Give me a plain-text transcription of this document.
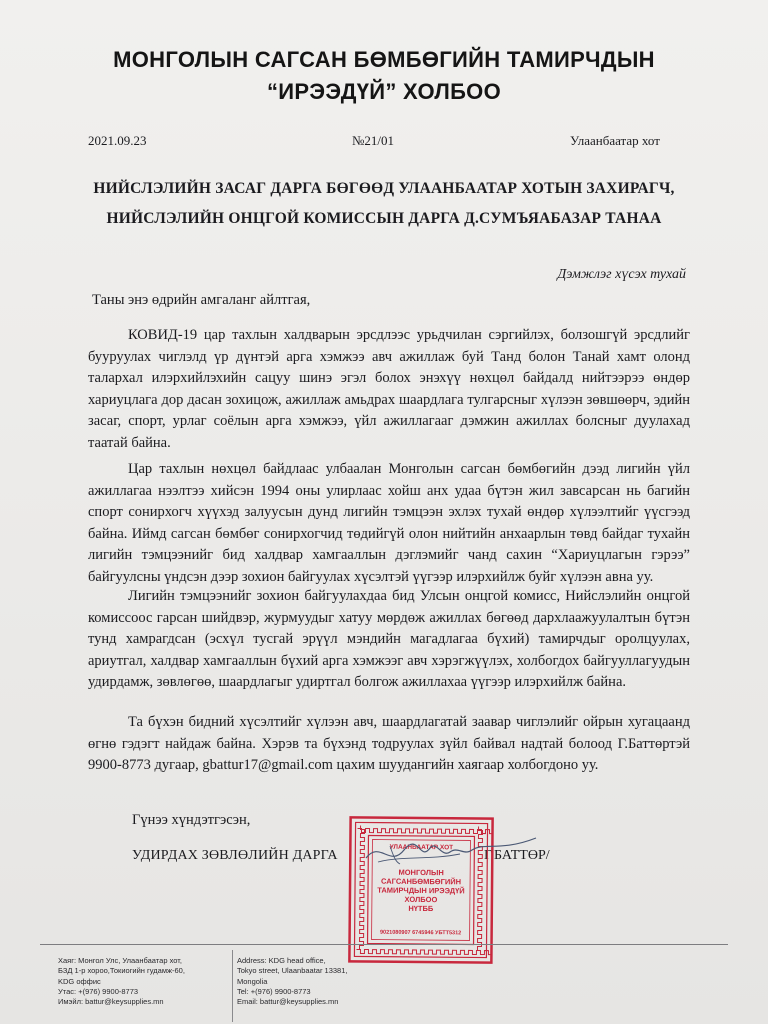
МОНГОЛЫН САГСАН БӨМБӨГИЙН ТАМИРЧДЫН
“ИРЭЭДҮЙ” ХОЛБОО
2021.09.23	№21/01	Улаанбаатар хот
НИЙСЛЭЛИЙН ЗАСАГ ДАРГА БӨГӨӨД УЛААНБААТАР ХОТЫН ЗАХИРАГЧ,
НИЙСЛЭЛИЙН ОНЦГОЙ КОМИССЫН ДАРГА Д.СУМЪЯАБАЗАР ТАНАА
Дэмжлэг хүсэх тухай
Таны энэ өдрийн амгаланг айлтгая,

КОВИД-19 цар тахлын халдварын эрсдлээс урьдчилан сэргийлэх, болзошгүй эрсдлийг бууруулах чиглэлд үр дүнтэй арга хэмжээ авч ажиллаж буй Танд болон Танай хамт олонд талархал илэрхийлэхийн сацуу шинэ эгэл болох энэхүү нөхцөл байдалд нийтээрээ өндөр хариуцлага дор дасан зохицож, ажиллаж амьдрах шаардлага тулгарсныг хүлээн зөвшөөрч, эдийн засаг, спорт, урлаг соёлын арга хэмжээ, үйл ажиллагааг дэмжин ажиллах болсныг дуулахад таатай байна.

Цар тахлын нөхцөл байдлаас улбаалан Монголын сагсан бөмбөгийн дээд лигийн үйл ажиллагаа нээлтээ хийсэн 1994 оны улирлаас хойш анх удаа бүтэн жил завсарсан нь багийн спорт сонирхогч хүүхэд залуусын дунд лигийн тэмцээн эхлэх тухай өндөр хүлээлтийг үүсгээд байна. Иймд сагсан бөмбөг сонирхогчид төдийгүй олон нийтийн анхаарлын төвд байдаг тухайн лигийн тэмцээнийг бид халдвар хамгааллын дэглэмийг чанд сахин “Хариуцлагын гэрээ” байгуулсны үндсэн дээр зохион байгуулах хүсэлтэй үүгээр илэрхийлж буйг хүлээн авна уу.

Лигийн тэмцээнийг зохион байгуулахдаа бид Улсын онцгой комисс, Нийслэлийн онцгой комиссоос гарсан шийдвэр, журмуудыг хатуу мөрдөж ажиллах бөгөөд дархлаажуулалтын бүтэн тунд хамрагдсан (эсхүл тусгай эрүүл мэндийн магадлагаа бүхий) тамирчдыг оролцуулах, ариутгал, халдвар хамгааллын бүхий арга хэмжээг авч хэрэгжүүлэх, холбогдох байгууллагуудын удирдамж, зөвлөгөө, шаардлагыг удиртгал болгож ажиллахаа үүгээр илэрхийлж байна.

Та бүхэн бидний хүсэлтийг хүлээн авч, шаардлагатай заавар чиглэлийг ойрын хугацаанд өгнө гэдэгт найдаж байна. Хэрэв та бүхэнд тодруулах зүйл байвал надтай болоод Г.Баттөртэй 9900-8773 дугаар, gbattur17@gmail.com цахим шуудангийн хаягаар холбогдоно уу.

Гүнээ хүндэтгэсэн,
УДИРДАХ ЗӨВЛӨЛИЙН ДАРГА	Г.БАТТӨР/
УЛААНБААТАР ХОТ
МОНГОЛЫН
САГСАНБӨМБӨГИЙН
ТАМИРЧДЫН ИРЭЭДҮЙ
ХОЛБОО
НҮТББ
9021080907 6745946 УБТТ5312
Хаяг: Монгол Улс, Улаанбаатар хот,
БЗД 1-р хороо,Токиогийн гудамж-60,
KDG оффис
Утас: +(976) 9900-8773
Имэйл: battur@keysupplies.mn
Address: KDG head office,
Tokyo street, Ulaanbaatar 13381,
Mongolia
Tel: +(976) 9900-8773
Email: battur@keysupplies.mn
